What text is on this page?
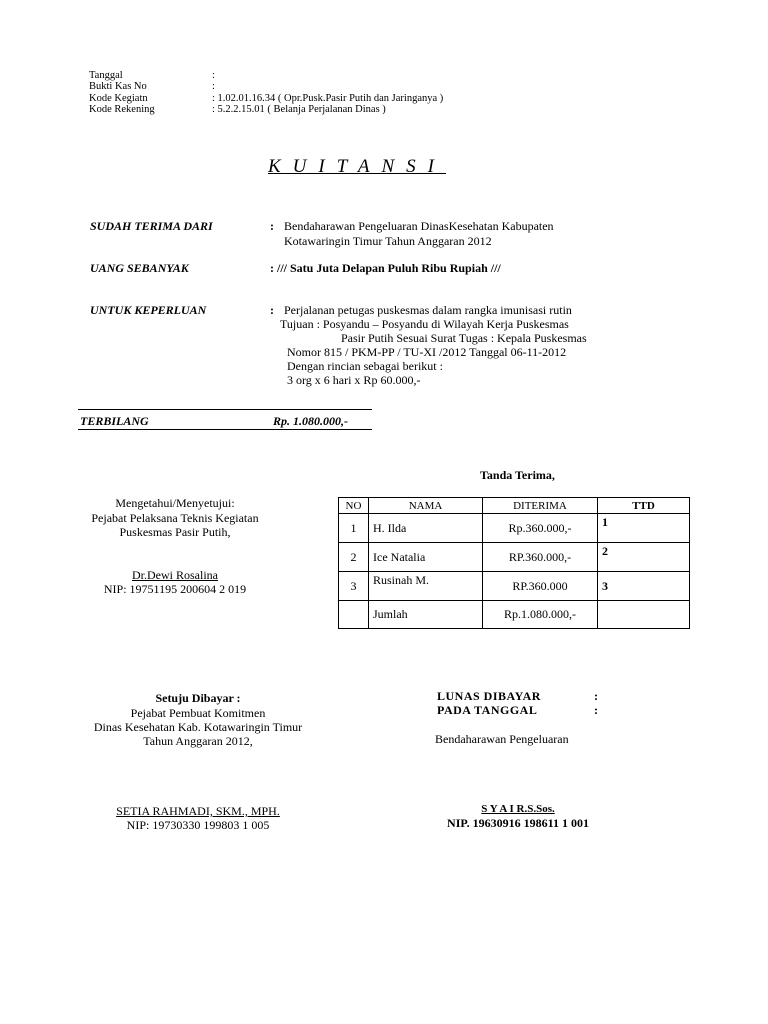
Tanggal	:
Bukti Kas No	:
Kode Kegiatn	: 1.02.01.16.34 ( Opr.Pusk.Pasir Putih dan Jaringanya )
Kode Rekening	: 5.2.2.15.01 ( Belanja Perjalanan Dinas )
KUITANSI
SUDAH TERIMA DARI	: Bendaharawan Pengeluaran DinasKesehatan Kabupaten
Kotawaringin Timur Tahun Anggaran 2012
UANG SEBANYAK	: /// Satu Juta Delapan Puluh Ribu Rupiah ///
UNTUK KEPERLUAN	: Perjalanan petugas puskesmas dalam rangka imunisasi rutin
Tujuan : Posyandu – Posyandu di Wilayah Kerja Puskesmas
Pasir Putih Sesuai Surat Tugas : Kepala Puskesmas
Nomor 815 / PKM-PP / TU-XI /2012 Tanggal 06-11-2012
Dengan rincian sebagai berikut :
3 org x 6 hari x Rp 60.000,-
TERBILANG	Rp. 1.080.000,-
Tanda Terima,
NO	NAMA	DITERIMA	TTD
1	H. Ilda	Rp.360.000,-	1
2	Ice Natalia	RP.360.000,-	2
3	Rusinah M.	RP.360.000	3
	Jumlah	Rp.1.080.000,-	
Mengetahui/Menyetujui:
Pejabat Pelaksana Teknis Kegiatan
Puskesmas Pasir Putih,
Dr.Dewi Rosalina
NIP: 19751195 200604 2 019
Setuju Dibayar :
Pejabat Pembuat Komitmen
Dinas Kesehatan Kab. Kotawaringin Timur
Tahun Anggaran 2012,
SETIA RAHMADI, SKM., MPH.
NIP: 19730330 199803 1 005
LUNAS DIBAYAR	:
PADA TANGGAL	:
Bendaharawan Pengeluaran
S Y A I R.S.Sos.
NIP. 19630916 198611 1 001
